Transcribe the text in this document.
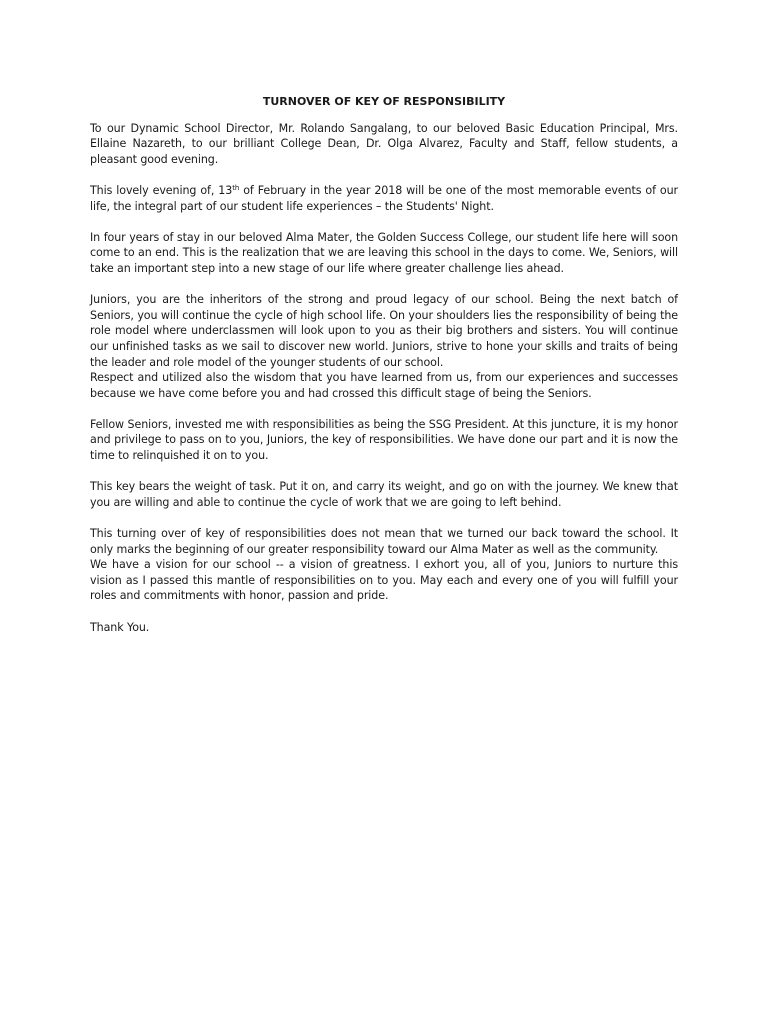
TURNOVER OF KEY OF RESPONSIBILITY

To our Dynamic School Director, Mr. Rolando Sangalang, to our beloved Basic Education Principal, Mrs. Ellaine Nazareth, to our brilliant College Dean, Dr. Olga Alvarez, Faculty and Staff, fellow students, a pleasant good evening.

This lovely evening of, 13th of February in the year 2018 will be one of the most memorable events of our life, the integral part of our student life experiences – the Students' Night.

In four years of stay in our beloved Alma Mater, the Golden Success College, our student life here will soon come to an end. This is the realization that we are leaving this school in the days to come. We, Seniors, will take an important step into a new stage of our life where greater challenge lies ahead.

Juniors, you are the inheritors of the strong and proud legacy of our school. Being the next batch of Seniors, you will continue the cycle of high school life. On your shoulders lies the responsibility of being the role model where underclassmen will look upon to you as their big brothers and sisters. You will continue our unfinished tasks as we sail to discover new world. Juniors, strive to hone your skills and traits of being the leader and role model of the younger students of our school.

Respect and utilized also the wisdom that you have learned from us, from our experiences and successes because we have come before you and had crossed this difficult stage of being the Seniors.

Fellow Seniors, invested me with responsibilities as being the SSG President. At this juncture, it is my honor and privilege to pass on to you, Juniors, the key of responsibilities. We have done our part and it is now the time to relinquished it on to you.

This key bears the weight of task. Put it on, and carry its weight, and go on with the journey. We knew that you are willing and able to continue the cycle of work that we are going to left behind.

This turning over of key of responsibilities does not mean that we turned our back toward the school. It only marks the beginning of our greater responsibility toward our Alma Mater as well as the community.

We have a vision for our school -- a vision of greatness. I exhort you, all of you, Juniors to nurture this vision as I passed this mantle of responsibilities on to you. May each and every one of you will fulfill your roles and commitments with honor, passion and pride.

Thank You.
